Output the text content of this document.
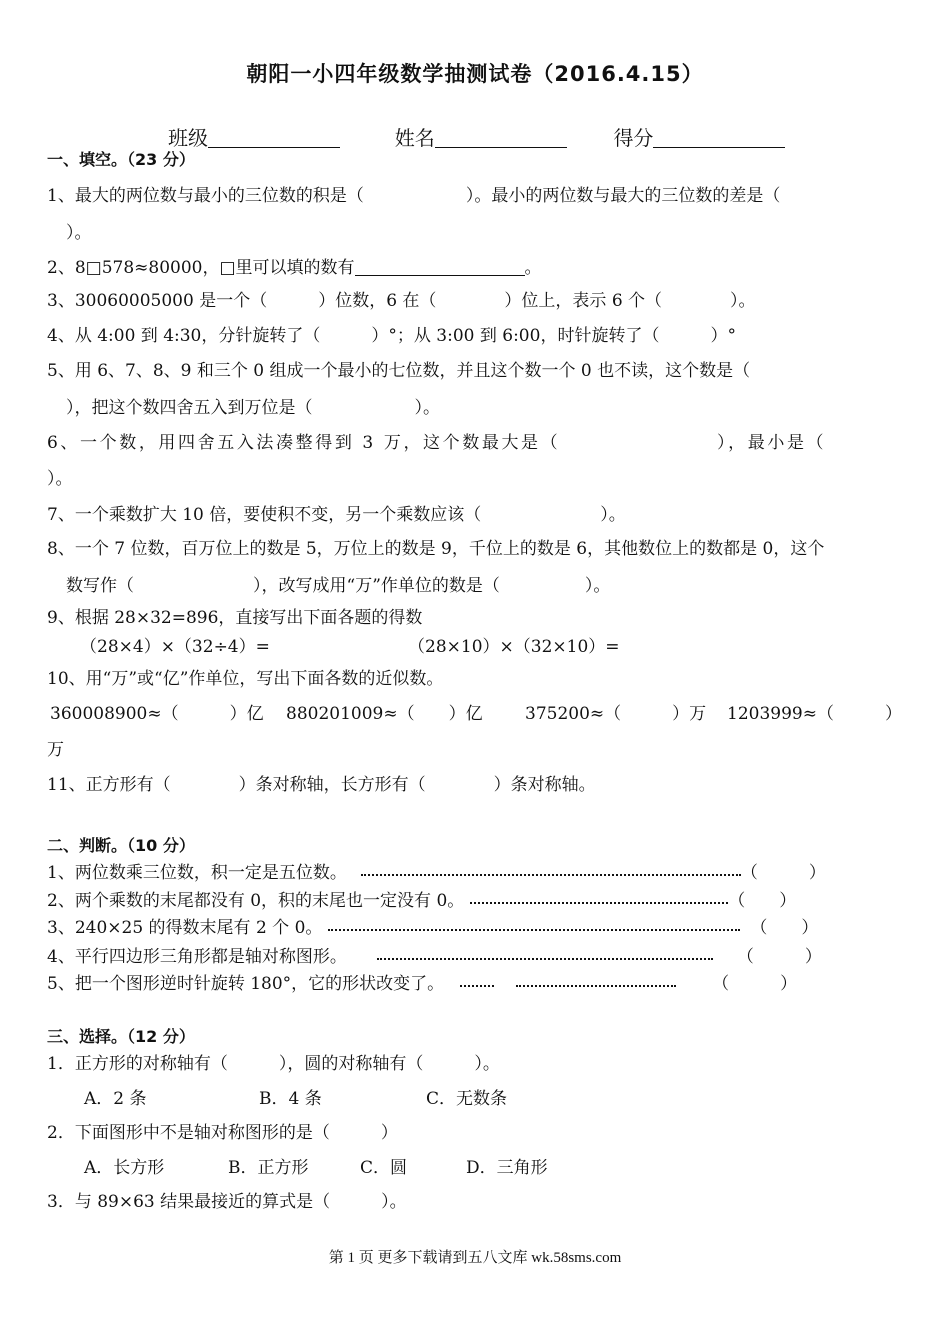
朝阳一小四年级数学抽测试卷（2016.4.15）
班级	姓名	得分
一、填空。（23 分）
1、最大的两位数与最小的三位数的积是（　　　　　　）。最小的两位数与最大的三位数的差是（
）。
2、8□578≈80000，□里可以填的数有	。
3、30060005000 是一个（　　　）位数，6 在（　　　　）位上，表示 6 个（　　　　）。
4、从 4:00 到 4:30，分针旋转了（　　　）°；从 3:00 到 6:00，时针旋转了（　　　）°
5、用 6、7、8、9 和三个 0 组成一个最小的七位数，并且这个数一个 0 也不读，这个数是（
），把这个数四舍五入到万位是（　　　　　　）。
6、一个数，用四舍五入法凑整得到 3 万，这个数最大是（　　　　　　　　），最小是（
）。
7、一个乘数扩大 10 倍，要使积不变，另一个乘数应该（　　　　　　　）。
8、一个 7 位数，百万位上的数是 5，万位上的数是 9，千位上的数是 6，其他数位上的数都是 0，这个
数写作（　　　　　　　），改写成用“万”作单位的数是（　　　　　）。
9、根据 28×32=896，直接写出下面各题的得数
（28×4）×（32÷4）=	（28×10）×（32×10）=
10、用“万”或“亿”作单位，写出下面各数的近似数。
360008900≈（　　　）亿 880201009≈（　　）亿 375200≈（　　　）万 1203999≈（　　　）
万
11、正方形有（　　　　）条对称轴，长方形有（　　　　）条对称轴。
二、判断。（10 分）
1、两位数乘三位数，积一定是五位数。	（　　　）
2、两个乘数的末尾都没有 0，积的末尾也一定没有 0。	（　　）
3、240×25 的得数末尾有 2 个 0。	（　　）
4、平行四边形三角形都是轴对称图形。	（　　　）
5、把一个图形逆时针旋转 180°，它的形状改变了。	（　　　）
三、选择。（12 分）
1．正方形的对称轴有（　　　），圆的对称轴有（　　　）。
A．2 条	B．4 条	C．无数条
2．下面图形中不是轴对称图形的是（　　　）
A．长方形	B．正方形	C．圆	D．三角形
3．与 89×63 结果最接近的算式是（　　　）。
第 1 页 更多下载请到五八文库 wk.58sms.com
